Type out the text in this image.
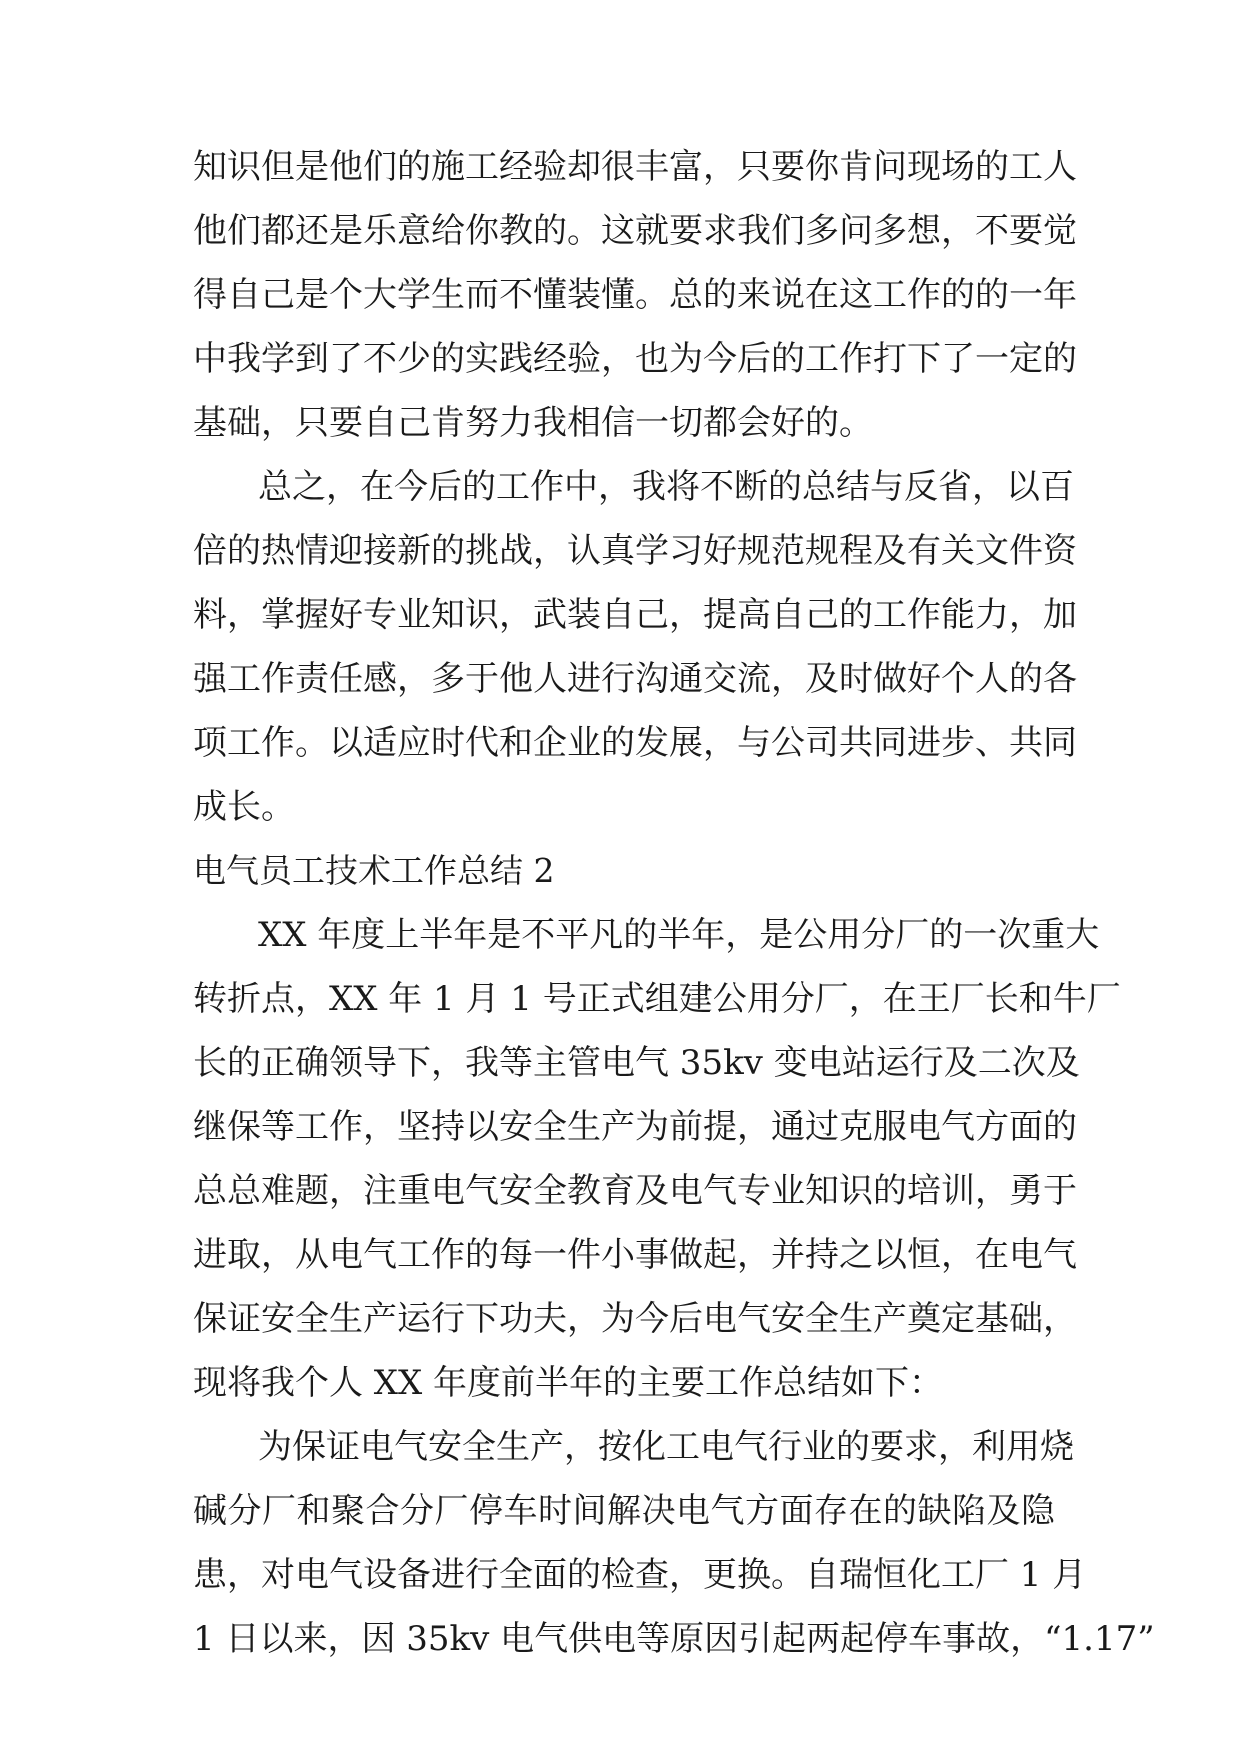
知识但是他们的施工经验却很丰富，只要你肯问现场的工人
他们都还是乐意给你教的。这就要求我们多问多想，不要觉
得自己是个大学生而不懂装懂。总的来说在这工作的的一年
中我学到了不少的实践经验，也为今后的工作打下了一定的
基础，只要自己肯努力我相信一切都会好的。
总之，在今后的工作中，我将不断的总结与反省，以百
倍的热情迎接新的挑战，认真学习好规范规程及有关文件资
料，掌握好专业知识，武装自己，提高自己的工作能力，加
强工作责任感，多于他人进行沟通交流，及时做好个人的各
项工作。以适应时代和企业的发展，与公司共同进步、共同
成长。
电气员工技术工作总结 2
XX 年度上半年是不平凡的半年，是公用分厂的一次重大
转折点，XX 年 1 月 1 号正式组建公用分厂，在王厂长和牛厂
长的正确领导下，我等主管电气 35kv 变电站运行及二次及
继保等工作，坚持以安全生产为前提，通过克服电气方面的
总总难题，注重电气安全教育及电气专业知识的培训，勇于
进取，从电气工作的每一件小事做起，并持之以恒，在电气
保证安全生产运行下功夫，为今后电气安全生产奠定基础，
现将我个人 XX 年度前半年的主要工作总结如下：
为保证电气安全生产，按化工电气行业的要求，利用烧
碱分厂和聚合分厂停车时间解决电气方面存在的缺陷及隐
患，对电气设备进行全面的检查，更换。自瑞恒化工厂 1 月
1 日以来，因 35kv 电气供电等原因引起两起停车事故，“1.17”
